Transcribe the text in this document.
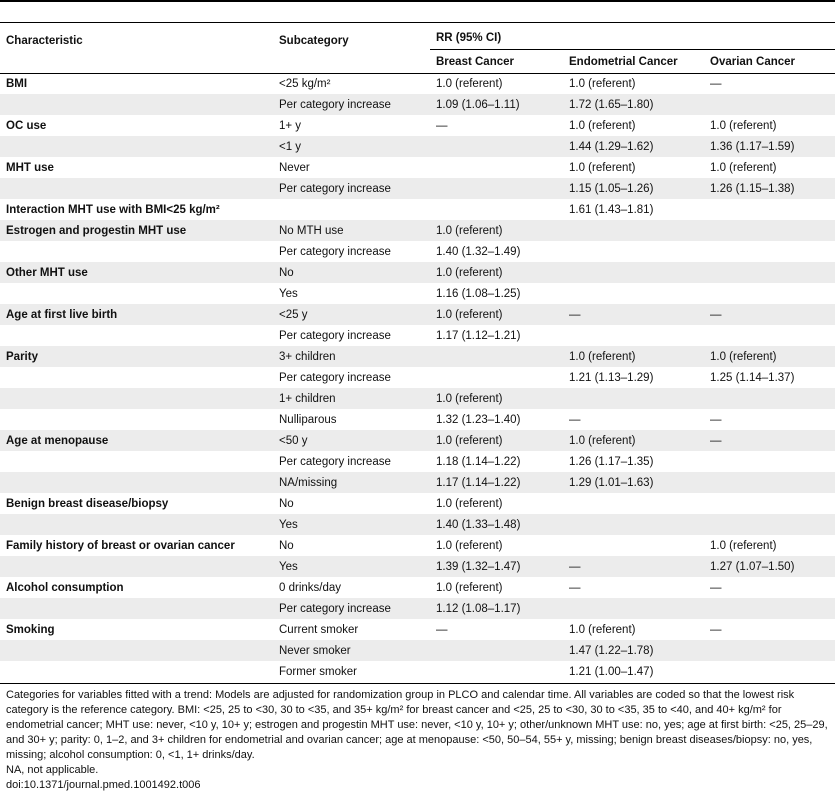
Characteristic	Subcategory	RR (95% CI)
Breast Cancer	Endometrial Cancer	Ovarian Cancer
BMI	<25 kg/m²	1.0 (referent)	1.0 (referent)	—
	Per category increase	1.09 (1.06–1.11)	1.72 (1.65–1.80)	
OC use	1+ y	—	1.0 (referent)	1.0 (referent)
	<1 y		1.44 (1.29–1.62)	1.36 (1.17–1.59)
MHT use	Never		1.0 (referent)	1.0 (referent)
	Per category increase		1.15 (1.05–1.26)	1.26 (1.15–1.38)
Interaction MHT use with BMI<25 kg/m²			1.61 (1.43–1.81)	
Estrogen and progestin MHT use	No MTH use	1.0 (referent)		
	Per category increase	1.40 (1.32–1.49)		
Other MHT use	No	1.0 (referent)		
	Yes	1.16 (1.08–1.25)		
Age at first live birth	<25 y	1.0 (referent)	—	—
	Per category increase	1.17 (1.12–1.21)		
Parity	3+ children		1.0 (referent)	1.0 (referent)
	Per category increase		1.21 (1.13–1.29)	1.25 (1.14–1.37)
	1+ children	1.0 (referent)		
	Nulliparous	1.32 (1.23–1.40)	—	—
Age at menopause	<50 y	1.0 (referent)	1.0 (referent)	—
	Per category increase	1.18 (1.14–1.22)	1.26 (1.17–1.35)	
	NA/missing	1.17 (1.14–1.22)	1.29 (1.01–1.63)	
Benign breast disease/biopsy	No	1.0 (referent)		
	Yes	1.40 (1.33–1.48)		
Family history of breast or ovarian cancer	No	1.0 (referent)		1.0 (referent)
	Yes	1.39 (1.32–1.47)	—	1.27 (1.07–1.50)
Alcohol consumption	0 drinks/day	1.0 (referent)	—	—
	Per category increase	1.12 (1.08–1.17)		
Smoking	Current smoker	—	1.0 (referent)	—
	Never smoker		1.47 (1.22–1.78)	
	Former smoker		1.21 (1.00–1.47)	

Categories for variables fitted with a trend: Models are adjusted for randomization group in PLCO and calendar time. All variables are coded so that the lowest risk category is the reference category. BMI: <25, 25 to <30, 30 to <35, and 35+ kg/m² for breast cancer and <25, 25 to <30, 30 to <35, 35 to <40, and 40+ kg/m² for endometrial cancer; MHT use: never, <10 y, 10+ y; estrogen and progestin MHT use: never, <10 y, 10+ y; other/unknown MHT use: no, yes; age at first birth: <25, 25–29, and 30+ y; parity: 0, 1–2, and 3+ children for endometrial and ovarian cancer; age at menopause: <50, 50–54, 55+ y, missing; benign breast diseases/biopsy: no, yes, missing; alcohol consumption: 0, <1, 1+ drinks/day.

NA, not applicable.

doi:10.1371/journal.pmed.1001492.t006
